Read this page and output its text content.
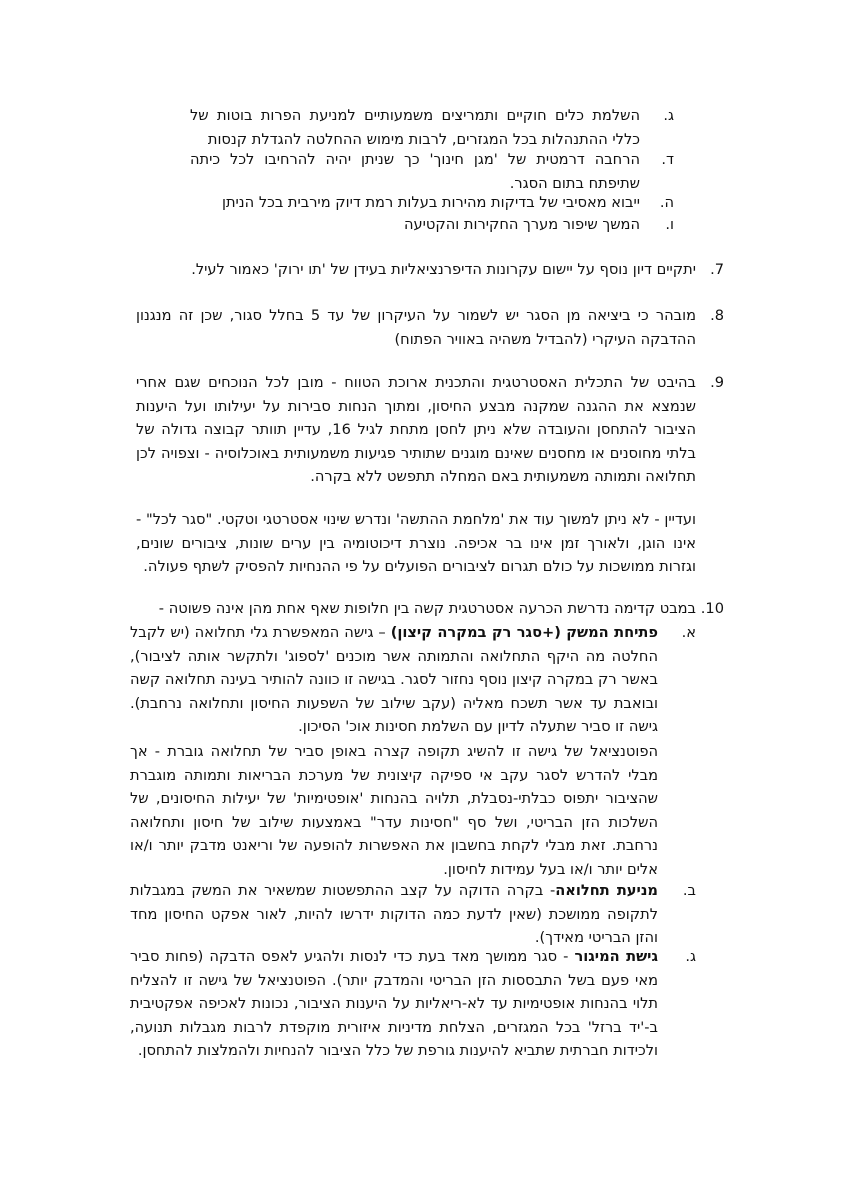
ג.

השלמת כלים חוקיים ותמריצים משמעותיים למניעת הפרות בוטות של כללי ההתנהלות בכל המגזרים, לרבות מימוש ההחלטה להגדלת קנסות

ד.

הרחבה דרמטית של 'מגן חינוך' כך שניתן יהיה להרחיבו לכל כיתה שתיפתח בתום הסגר.

ה.

ייבוא מאסיבי של בדיקות מהירות בעלות רמת דיוק מירבית בכל הניתן

ו.

המשך שיפור מערך החקירות והקטיעה

7.

יתקיים דיון נוסף על יישום עקרונות הדיפרנציאליות בעידן של 'תו ירוק' כאמור לעיל.

8.

מובהר כי ביציאה מן הסגר יש לשמור על העיקרון של עד 5 בחלל סגור, שכן זה מנגנון ההדבקה העיקרי (להבדיל משהיה באוויר הפתוח)

9.

בהיבט של התכלית האסטרטגית והתכנית ארוכת הטווח - מובן לכל הנוכחים שגם אחרי שנמצא את ההגנה שמקנה מבצע החיסון, ומתוך הנחות סבירות על יעילותו ועל היענות הציבור להתחסן והעובדה שלא ניתן לחסן מתחת לגיל 16, עדיין תוותר קבוצה גדולה של בלתי מחוסנים או מחסנים שאינם מוגנים שתותיר פגיעות משמעותית באוכלוסיה - וצפויה לכן תחלואה ותמותה משמעותית באם המחלה תתפשט ללא בקרה.

ועדיין - לא ניתן למשוך עוד את 'מלחמת ההתשה' ונדרש שינוי אסטרטגי וטקטי. "סגר לכל" - אינו הוגן, ולאורך זמן אינו בר אכיפה. נוצרת דיכוטומיה בין ערים שונות, ציבורים שונים, וגזרות ממושכות על כולם תגרום לציבורים הפועלים על פי ההנחיות להפסיק לשתף פעולה.

10.

במבט קדימה נדרשת הכרעה אסטרטגית קשה בין חלופות שאף אחת מהן אינה פשוטה -

א.

פתיחת המשק (+סגר רק במקרה קיצון) – גישה המאפשרת גלי תחלואה (יש לקבל החלטה מה היקף התחלואה והתמותה אשר מוכנים 'לספוג' ולתקשר אותה לציבור), באשר רק במקרה קיצון נוסף נחזור לסגר. בגישה זו כוונה להותיר בעינה תחלואה קשה ובואבת עד אשר תשכח מאליה (עקב שילוב של השפעות החיסון ותחלואה נרחבת). גישה זו סביר שתעלה לדיון עם השלמת חסינות אוכ' הסיכון.

הפוטנציאל של גישה זו להשיג תקופה קצרה באופן סביר של תחלואה גוברת - אך מבלי להדרש לסגר עקב אי ספיקה קיצונית של מערכת הבריאות ותמותה מוגברת שהציבור יתפוס כבלתי-נסבלת, תלויה בהנחות 'אופטימיות' של יעילות החיסונים, של השלכות הזן הבריטי, ושל סף "חסינות עדר" באמצעות שילוב של חיסון ותחלואה נרחבת. זאת מבלי לקחת בחשבון את האפשרות להופעה של וריאנט מדבק יותר ו/או אלים יותר ו/או בעל עמידות לחיסון.

ב.

מניעת תחלואה- בקרה הדוקה על קצב ההתפשטות שמשאיר את המשק במגבלות לתקופה ממושכת (שאין לדעת כמה הדוקות ידרשו להיות, לאור אפקט החיסון מחד והזן הבריטי מאידך).

ג.

גישת המיגור - סגר ממושך מאד בעת כדי לנסות ולהגיע לאפס הדבקה (פחות סביר מאי פעם בשל התבססות הזן הבריטי והמדבק יותר). הפוטנציאל של גישה זו להצליח תלוי בהנחות אופטימיות עד לא-ריאליות על היענות הציבור, נכונות לאכיפה אפקטיבית ב-'יד ברזל' בכל המגזרים, הצלחת מדיניות איזורית מוקפדת לרבות מגבלות תנועה, ולכידות חברתית שתביא להיענות גורפת של כלל הציבור להנחיות ולהמלצות להתחסן.
